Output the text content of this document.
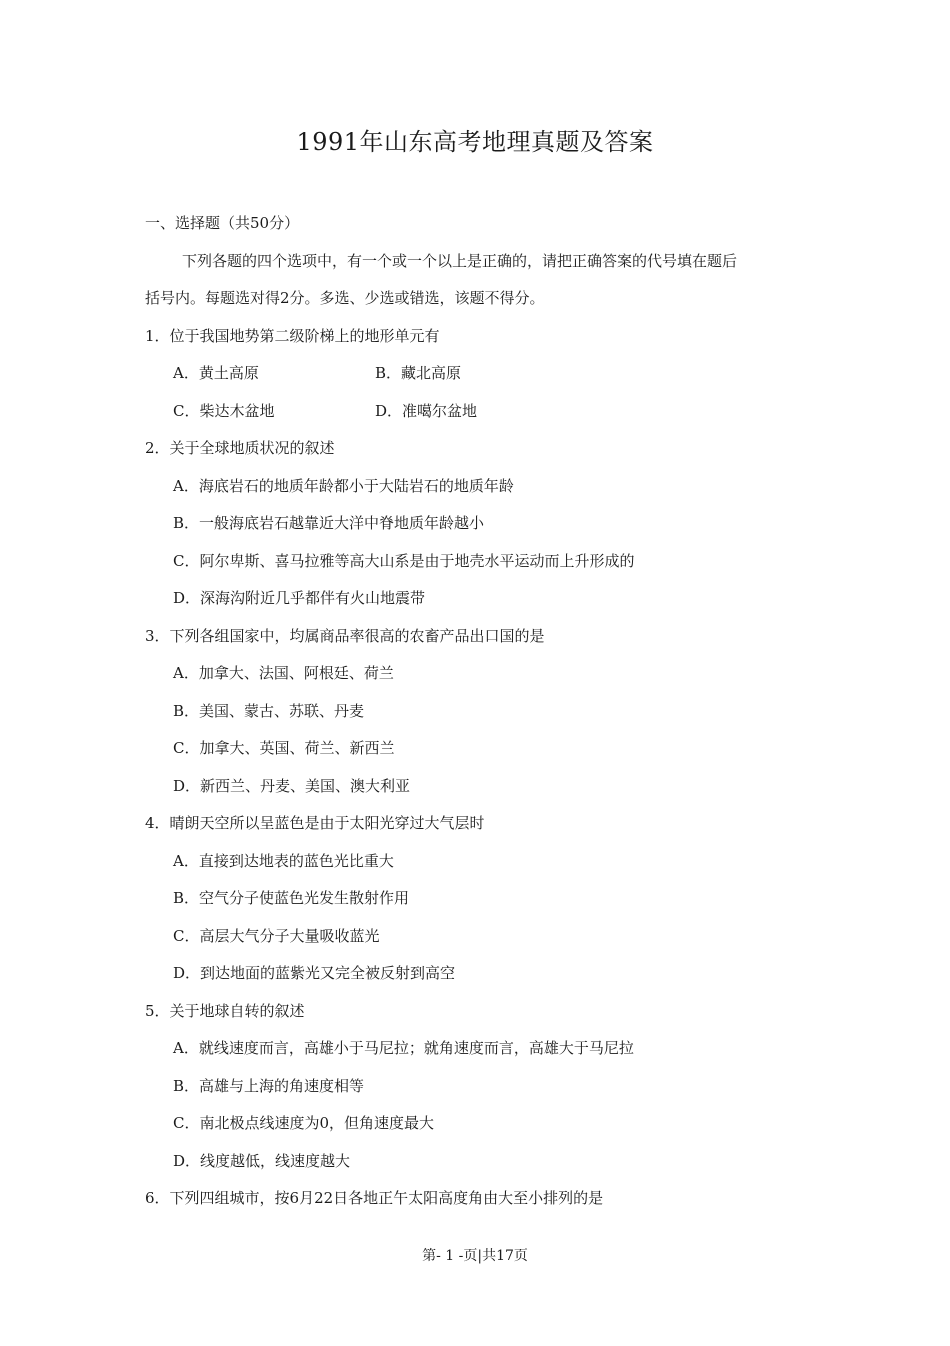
1991年山东高考地理真题及答案
一、选择题（共50分）
下列各题的四个选项中，有一个或一个以上是正确的，请把正确答案的代号填在题后
括号内。每题选对得2分。多选、少选或错选，该题不得分。
1．位于我国地势第二级阶梯上的地形单元有
A．黄土高原	B．藏北高原
C．柴达木盆地	D．准噶尔盆地
2．关于全球地质状况的叙述
A．海底岩石的地质年龄都小于大陆岩石的地质年龄
B．一般海底岩石越靠近大洋中脊地质年龄越小
C．阿尔卑斯、喜马拉雅等高大山系是由于地壳水平运动而上升形成的
D．深海沟附近几乎都伴有火山地震带
3．下列各组国家中，均属商品率很高的农畜产品出口国的是
A．加拿大、法国、阿根廷、荷兰
B．美国、蒙古、苏联、丹麦
C．加拿大、英国、荷兰、新西兰
D．新西兰、丹麦、美国、澳大利亚
4．晴朗天空所以呈蓝色是由于太阳光穿过大气层时
A．直接到达地表的蓝色光比重大
B．空气分子使蓝色光发生散射作用
C．高层大气分子大量吸收蓝光
D．到达地面的蓝紫光又完全被反射到高空
5．关于地球自转的叙述
A．就线速度而言，高雄小于马尼拉；就角速度而言，高雄大于马尼拉
B．高雄与上海的角速度相等
C．南北极点线速度为0，但角速度最大
D．线度越低，线速度越大
6．下列四组城市，按6月22日各地正午太阳高度角由大至小排列的是
第- 1 -页|共17页
